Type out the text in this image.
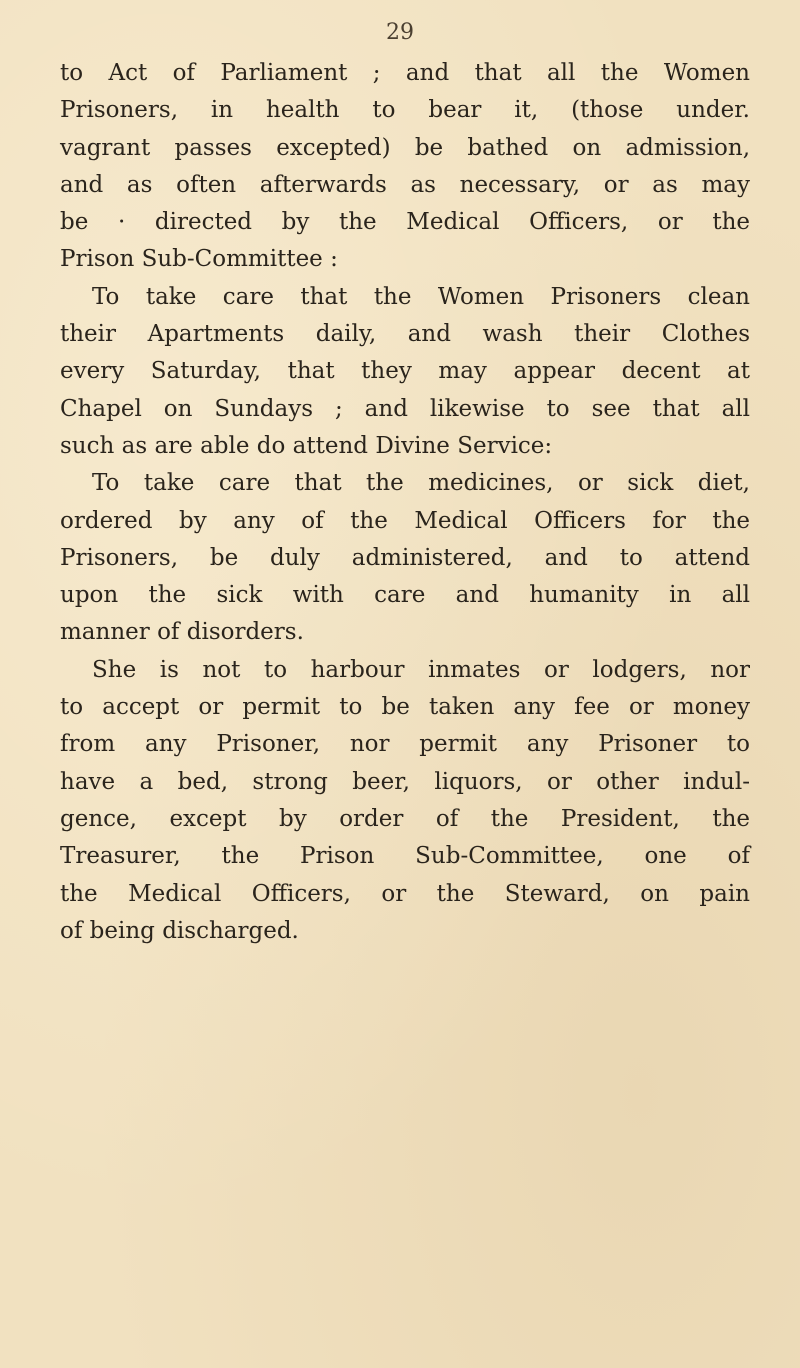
29
to Act of Parliament ; and that all the Women
Prisoners, in health to bear it, (those under.
vagrant passes excepted) be bathed on admission,
and as often afterwards as necessary, or as may
be · directed by the Medical Officers, or the
Prison Sub-Committee :
To take care that the Women Prisoners clean
their Apartments daily, and wash their Clothes
every Saturday, that they may appear decent at
Chapel on Sundays ; and likewise to see that all
such as are able do attend Divine Service:
To take care that the medicines, or sick diet,
ordered by any of the Medical Officers for the
Prisoners, be duly administered, and to attend
upon the sick with care and humanity in all
manner of disorders.
She is not to harbour inmates or lodgers, nor
to accept or permit to be taken any fee or money
from any Prisoner, nor permit any Prisoner to
have a bed, strong beer, liquors, or other indul-
gence, except by order of the President, the
Treasurer, the Prison Sub-Committee, one of
the Medical Officers, or the Steward, on pain
of being discharged.
